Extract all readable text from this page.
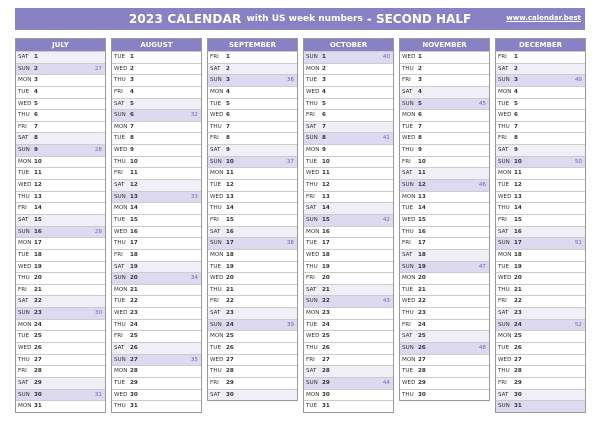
2023 CALENDAR with US week numbers - SECOND HALF	www.calendar.best
JULY
SAT 1
SUN 2	27
MON 3
TUE 4
WED 5
THU 6
FRI 7
SAT 8
SUN 9	28
MON 10
TUE 11
WED 12
THU 13
FRI 14
SAT 15
SUN 16	29
MON 17
TUE 18
WED 19
THU 20
FRI 21
SAT 22
SUN 23	30
MON 24
TUE 25
WED 26
THU 27
FRI 28
SAT 29
SUN 30	31
MON 31
AUGUST
TUE 1
WED 2
THU 3
FRI 4
SAT 5
SUN 6	32
MON 7
TUE 8
WED 9
THU 10
FRI 11
SAT 12
SUN 13	33
MON 14
TUE 15
WED 16
THU 17
FRI 18
SAT 19
SUN 20	34
MON 21
TUE 22
WED 23
THU 24
FRI 25
SAT 26
SUN 27	35
MON 28
TUE 29
WED 30
THU 31
SEPTEMBER
FRI 1
SAT 2
SUN 3	36
MON 4
TUE 5
WED 6
THU 7
FRI 8
SAT 9
SUN 10	37
MON 11
TUE 12
WED 13
THU 14
FRI 15
SAT 16
SUN 17	38
MON 18
TUE 19
WED 20
THU 21
FRI 22
SAT 23
SUN 24	39
MON 25
TUE 26
WED 27
THU 28
FRI 29
SAT 30
OCTOBER
SUN 1	40
MON 2
TUE 3
WED 4
THU 5
FRI 6
SAT 7
SUN 8	41
MON 9
TUE 10
WED 11
THU 12
FRI 13
SAT 14
SUN 15	42
MON 16
TUE 17
WED 18
THU 19
FRI 20
SAT 21
SUN 22	43
MON 23
TUE 24
WED 25
THU 26
FRI 27
SAT 28
SUN 29	44
MON 30
TUE 31
NOVEMBER
WED 1
THU 2
FRI 3
SAT 4
SUN 5	45
MON 6
TUE 7
WED 8
THU 9
FRI 10
SAT 11
SUN 12	46
MON 13
TUE 14
WED 15
THU 16
FRI 17
SAT 18
SUN 19	47
MON 20
TUE 21
WED 22
THU 23
FRI 24
SAT 25
SUN 26	48
MON 27
TUE 28
WED 29
THU 30
DECEMBER
FRI 1
SAT 2
SUN 3	49
MON 4
TUE 5
WED 6
THU 7
FRI 8
SAT 9
SUN 10	50
MON 11
TUE 12
WED 13
THU 14
FRI 15
SAT 16
SUN 17	51
MON 18
TUE 19
WED 20
THU 21
FRI 22
SAT 23
SUN 24	52
MON 25
TUE 26
WED 27
THU 28
FRI 29
SAT 30
SUN 31
